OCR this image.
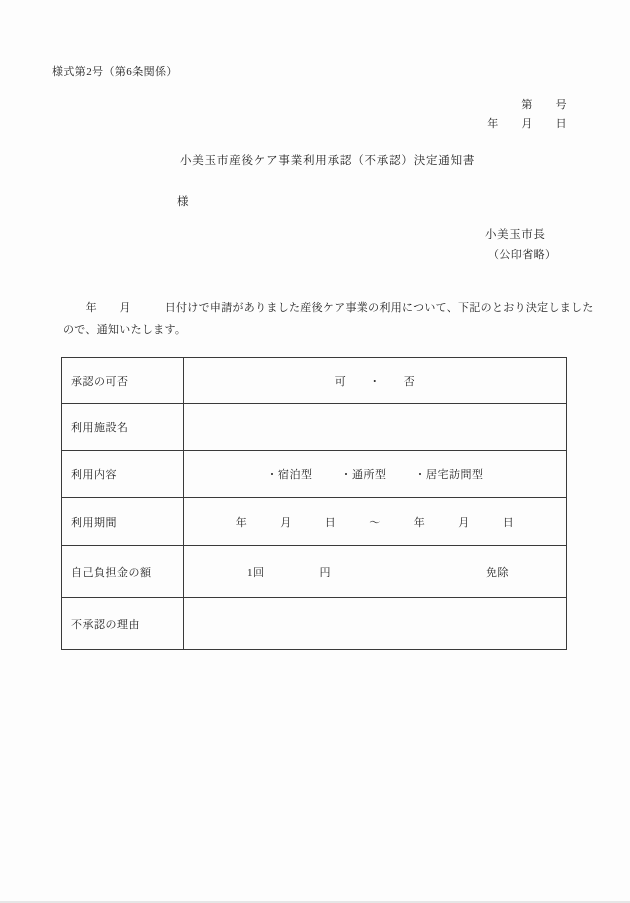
様式第2号（第6条関係）
第　　号
年　　月　　日
小美玉市産後ケア事業利用承認（不承認）決定通知書
様
小美玉市長
（公印省略）
　　年　　月　　　日付けで申請がありました産後ケア事業の利用について、下記のとおり決定しましたので、通知いたします。
承認の可否	可　　・　　否
利用施設名	
利用内容	・宿泊型 ・通所型 ・居宅訪問型

利用期間	年	月	日	～	年	月	日

自己負担金の額	1回 円 免除

不承認の理由	
